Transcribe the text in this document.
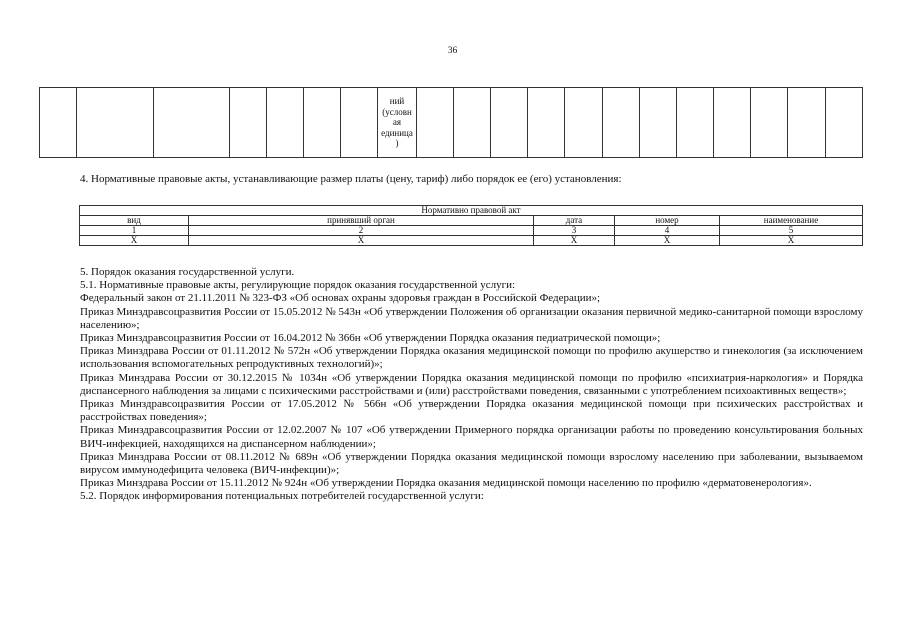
36
							ний
(условн
ая
единица
)												
4. Нормативные правовые акты, устанавливающие размер платы (цену, тариф) либо порядок ее (его) установления:
Нормативно правовой акт				
вид	принявший орган	дата	номер	наименование
1	2	3	4	5
Х	Х	Х	Х	Х

5. Порядок оказания государственной услуги.

5.1. Нормативные правовые акты, регулирующие порядок оказания государственной услуги:

Федеральный закон от 21.11.2011 № 323-ФЗ «Об основах охраны здоровья граждан в Российской Федерации»;

Приказ Минздравсоцразвития России от 15.05.2012 № 543н «Об утверждении Положения об организации оказания первичной медико-санитарной помощи взрослому населению»;

Приказ Минздравсоцразвития России от 16.04.2012 № 366н «Об утверждении Порядка оказания педиатрической помощи»;

Приказ Минздрава России от 01.11.2012 № 572н «Об утверждении Порядка оказания медицинской помощи по профилю акушерство и гинекология (за исключением использования вспомогательных репродуктивных технологий)»;

Приказ Минздрава России от 30.12.2015 № 1034н «Об утверждении Порядка оказания медицинской помощи по профилю «психиатрия-наркология» и Порядка диспансерного наблюдения за лицами с психическими расстройствами и (или) расстройствами поведения, связанными с употреблением психоактивных веществ»;

Приказ Минздравсоцразвития России от 17.05.2012 № 566н «Об утверждении Порядка оказания медицинской помощи при психических расстройствах и расстройствах поведения»;

Приказ Минздравсоцразвития России от 12.02.2007 № 107 «Об утверждении Примерного порядка организации работы по проведению консультирования больных ВИЧ-инфекцией, находящихся на диспансерном наблюдении»;

Приказ Минздрава России от 08.11.2012 № 689н «Об утверждении Порядка оказания медицинской помощи взрослому населению при заболевании, вызываемом вирусом иммунодефицита человека (ВИЧ-инфекции)»;

Приказ Минздрава России от 15.11.2012 № 924н «Об утверждении Порядка оказания медицинской помощи населению по профилю «дерматовенерология».

5.2. Порядок информирования потенциальных потребителей государственной услуги:
